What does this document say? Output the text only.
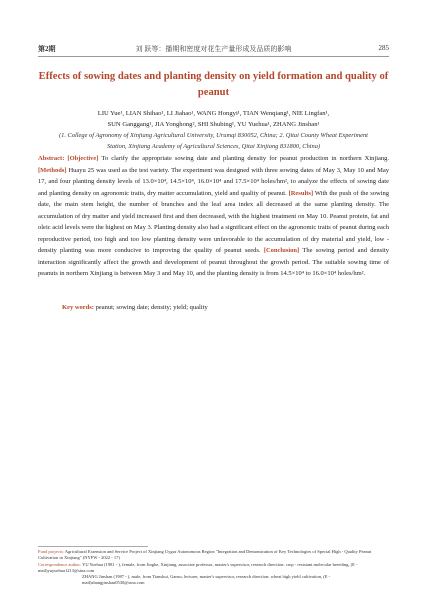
第2期	刘 跃等：播期和密度对花生产量形成及品质的影响	285
Effects of sowing dates and planting density on yield formation and quality of peanut
LIU Yue¹, LIAN Shihao¹, LI Jiahao¹, WANG Hongyi¹, TIAN Wenqiang¹, NIE Lingfan¹,
SUN Ganggang¹, JIA Yonghong², SHI Shubing¹, YU Yuehua¹, ZHANG Jinshan¹
(1. College of Agronomy of Xinjiang Agricultural University, Urumqi 830052, China; 2. Qitai County Wheat Experiment Station, Xinjiang Academy of Agricultural Sciences, Qitai Xinjiang 831800, China)
Abstract: [Objective] To clarify the appropriate sowing date and planting density for peanut production in northern Xinjiang. [Methods] Huayu 25 was used as the test variety. The experiment was designed with three sowing dates of May 3, May 10 and May 17, and four planting density levels of 13.0×10⁴, 14.5×10⁴, 16.0×10⁴ and 17.5×10⁴ holes/hm², to analyze the effects of sowing date and planting density on agronomic traits, dry matter accumulation, yield and quality of peanut. [Results] With the push of the sowing date, the main stem height, the number of branches and the leaf area index all decreased at the same planting density. The accumulation of dry matter and yield increased first and then decreased, with the highest treatment on May 10. Peanut protein, fat and oleic acid levels were the highest on May 3. Planting density also had a significant effect on the agronomic traits of peanut during each reproductive period, too high and too low planting density were unfavorable to the accumulation of dry material and yield, low - density planting was more conducive to improving the quality of peanut seeds. [Conclusion] The sowing period and density interaction significantly affect the growth and development of peanut throughout the growth period. The suitable sowing time of peanuts in northern Xinjiang is between May 3 and May 10, and the planting density is from 14.5×10⁴ to 16.0×10⁴ holes/hm².
Key words: peanut; sowing date; density; yield; quality

Fund projects: Agricultural Extension and Service Project of Xinjiang Uygur Autonomous Region "Integration and Demonstration of Key Technologies of Special High - Quality Peanut Cultivation in Xinjiang" (NYFW - 2022 - 17)

Correspondence author: YU Yuehua (1981 - ), female, from Jinghe, Xinjiang, associate professor, master's supervisor, research direction: crop - resistant molecular breeding, (E - mail)yuyuehua1213@sina.com

ZHANG Jinshan (1987 - ), male, from Tianshui, Gansu, lecturer, master's supervisor, research direction: wheat high yield cultivation, (E - mail)zhangjinshan0530@sina.com
